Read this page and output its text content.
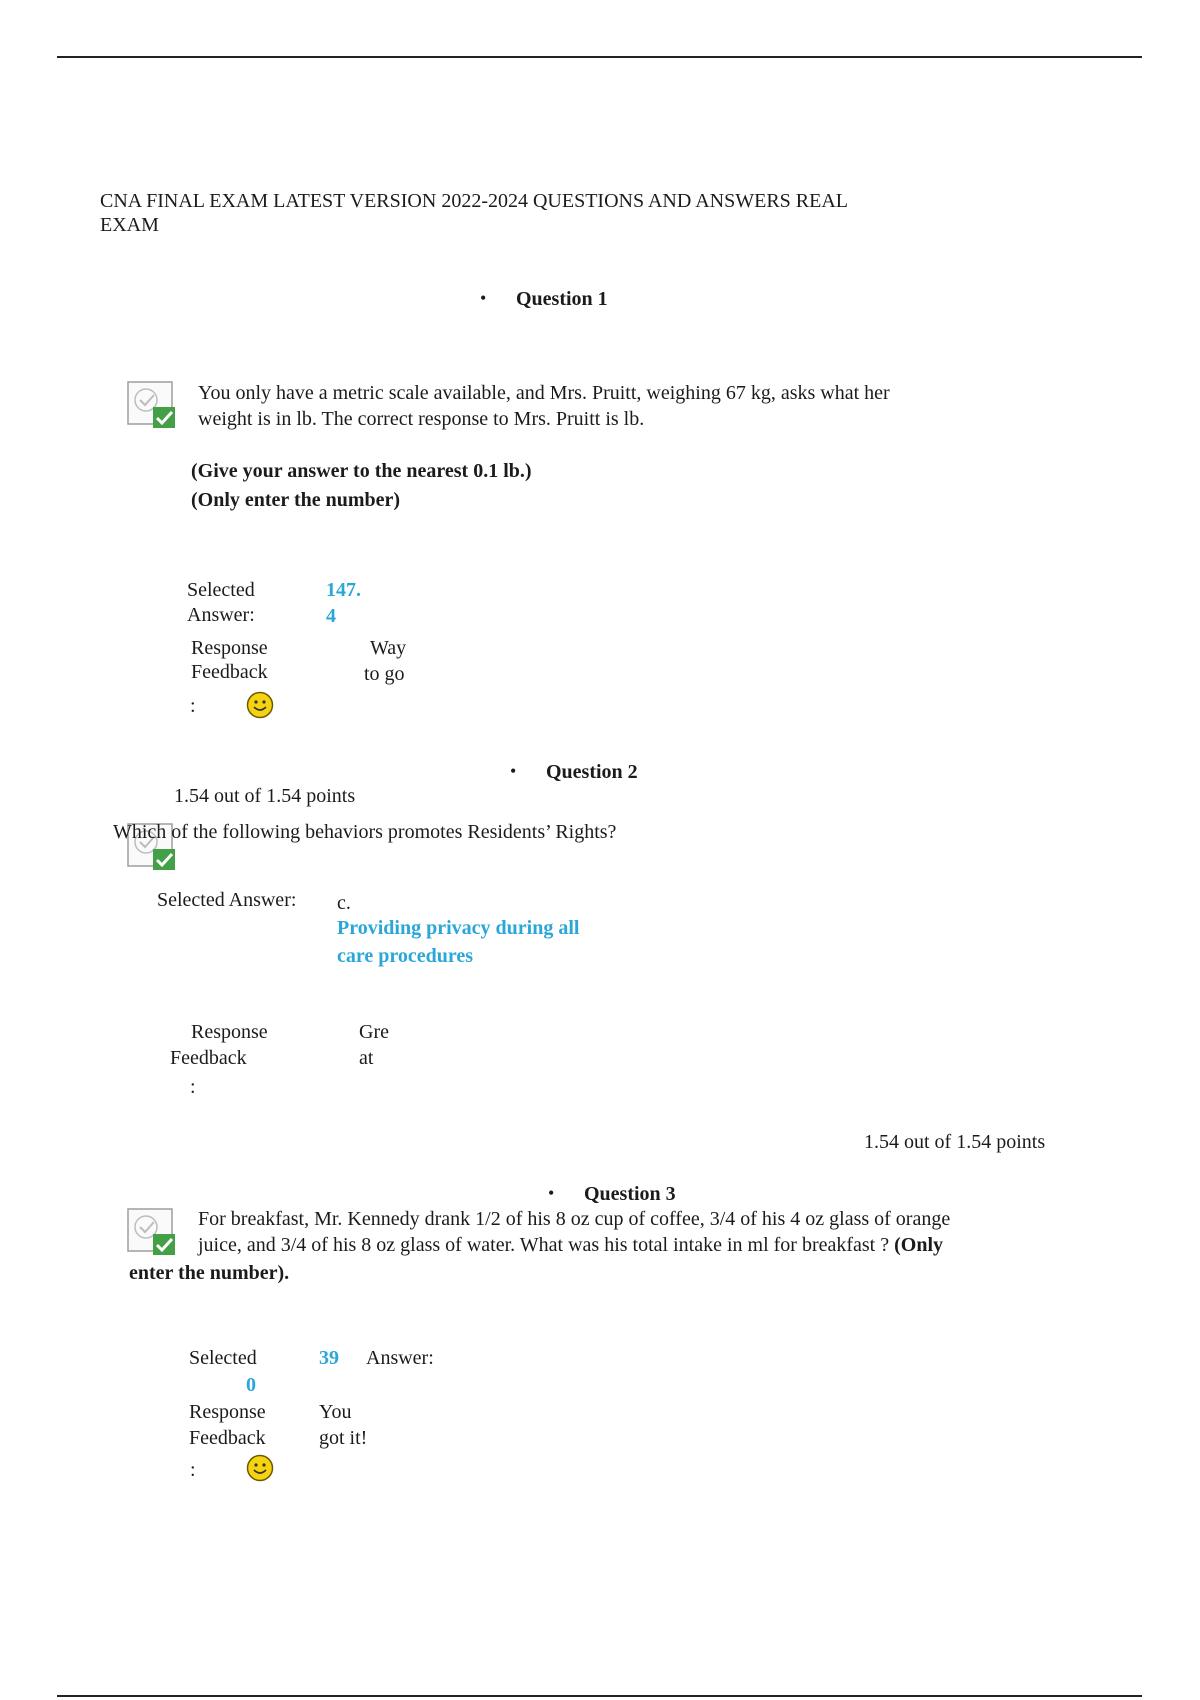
CNA FINAL EXAM LATEST VERSION 2022-2024 QUESTIONS AND ANSWERS REAL
EXAM
• Question 1
You only have a metric scale available, and Mrs. Pruitt, weighing 67 kg, asks what her
weight is in lb. The correct response to Mrs. Pruitt is lb.
(Give your answer to the nearest 0.1 lb.)
(Only enter the number)
Selected
Answer:
147.
4
Response
Feedback
:
Way
to go
• Question 2
1.54 out of 1.54 points
Which of the following behaviors promotes Residents’ Rights?
Selected Answer: c.
Providing privacy during all
care procedures
Response
Feedback
:
Gre
at
1.54 out of 1.54 points
• Question 3
For breakfast, Mr. Kennedy drank 1/2 of his 8 oz cup of coffee, 3/4 of his 4 oz glass of orange
juice, and 3/4 of his 8 oz glass of water. What was his total intake in ml for breakfast ? (Only
enter the number).
Selected	39 Answer:
0
Response
Feedback
:
You
got it!
